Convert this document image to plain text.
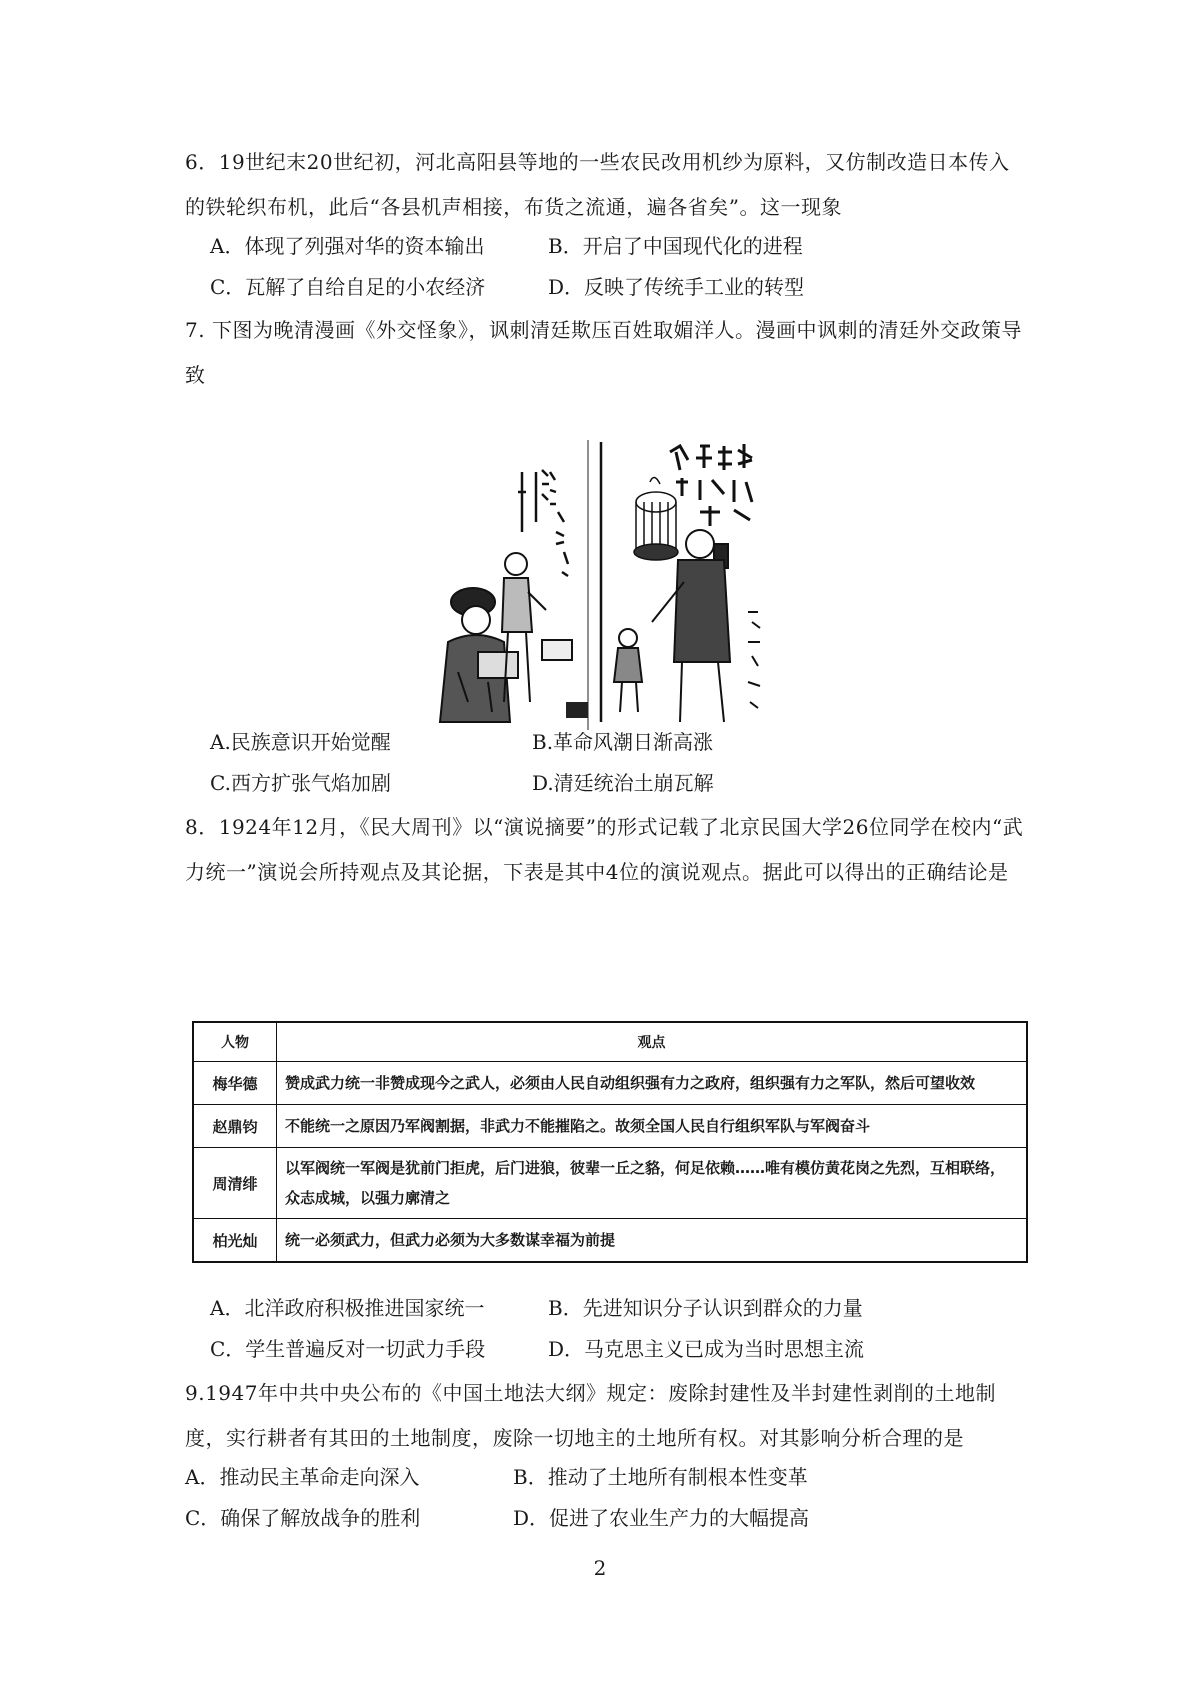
6．19世纪末20世纪初，河北高阳县等地的一些农民改用机纱为原料，又仿制改造日本传入的铁轮织布机，此后“各县机声相接，布货之流通，遍各省矣”。这一现象
A．体现了列强对华的资本输出	B．开启了中国现代化的进程
C．瓦解了自给自足的小农经济	D．反映了传统手工业的转型
7. 下图为晚清漫画《外交怪象》，讽刺清廷欺压百姓取媚洋人。漫画中讽刺的清廷外交政策导致
A.民族意识开始觉醒	B.革命风潮日渐高涨
C.西方扩张气焰加剧	D.清廷统治土崩瓦解
8．1924年12月，《民大周刊》以“演说摘要”的形式记载了北京民国大学26位同学在校内“武力统一”演说会所持观点及其论据，下表是其中4位的演说观点。据此可以得出的正确结论是
人物	观点
梅华德	赞成武力统一非赞成现今之武人，必须由人民自动组织强有力之政府，组织强有力之军队，然后可望收效
赵鼎钧	不能统一之原因乃军阀割据，非武力不能摧陷之。故须全国人民自行组织军队与军阀奋斗
周清绯	以军阀统一军阀是犹前门拒虎，后门进狼，彼辈一丘之貉，何足依赖……唯有模仿黄花岗之先烈，互相联络，众志成城，以强力廓清之
柏光灿	统一必须武力，但武力必须为大多数谋幸福为前提
A．北洋政府积极推进国家统一	B．先进知识分子认识到群众的力量
C．学生普遍反对一切武力手段	D．马克思主义已成为当时思想主流
9.1947年中共中央公布的《中国土地法大纲》规定：废除封建性及半封建性剥削的土地制度，实行耕者有其田的土地制度，废除一切地主的土地所有权。对其影响分析合理的是
A．推动民主革命走向深入	B．推动了土地所有制根本性变革
C．确保了解放战争的胜利	D．促进了农业生产力的大幅提高
2
